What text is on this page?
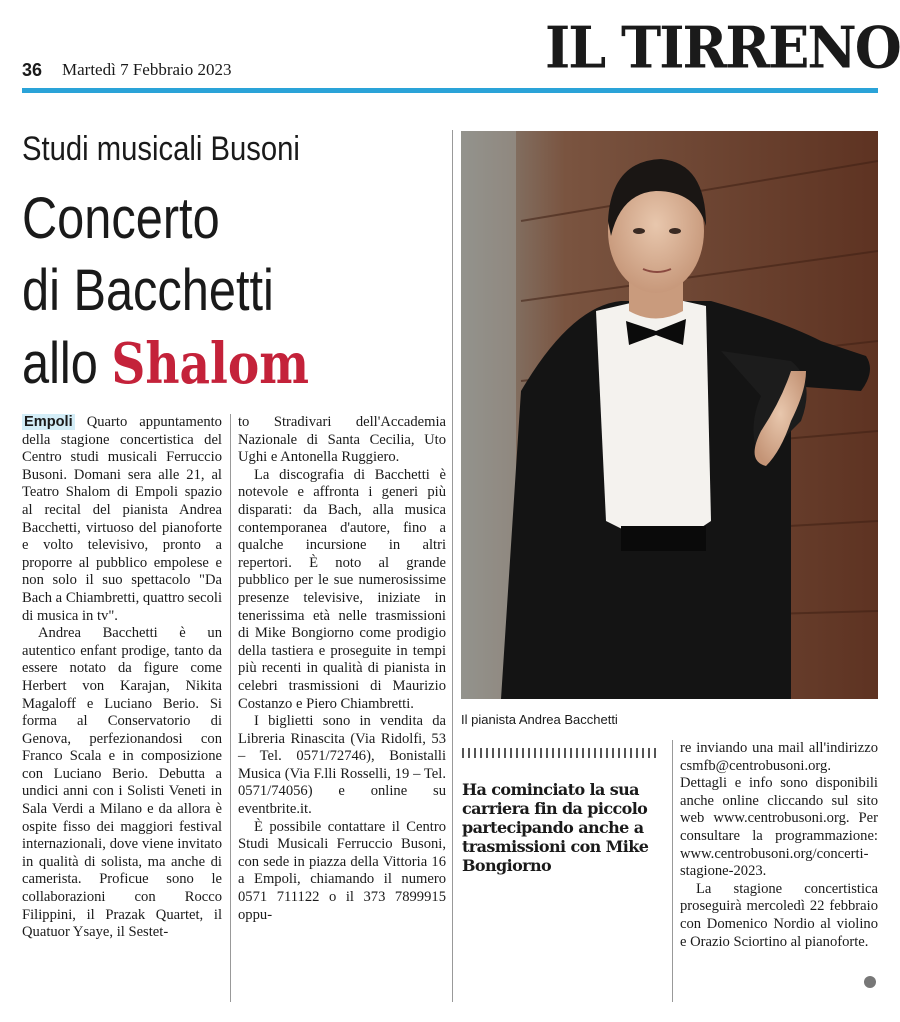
36 Martedì 7 Febbraio 2023	IL TIRRENO
Studi musicali Busoni
Concerto
di Bacchetti
allo Shalom

Empoli Quarto appuntamento della stagione concertistica del Centro studi musicali Ferruccio Busoni. Domani sera alle 21, al Teatro Shalom di Empoli spazio al recital del pianista Andrea Bacchetti, virtuoso del pianoforte e volto televisivo, pronto a proporre al pubblico empolese e non solo il suo spettacolo "Da Bach a Chiambretti, quattro secoli di musica in tv".

Andrea Bacchetti è un autentico enfant prodige, tanto da essere notato da figure come Herbert von Karajan, Nikita Magaloff e Luciano Berio. Si forma al Conservatorio di Genova, perfezionandosi con Franco Scala e in composizione con Luciano Berio. Debutta a undici anni con i Solisti Veneti in Sala Verdi a Milano e da allora è ospite fisso dei maggiori festival internazionali, dove viene invitato in qualità di solista, ma anche di camerista. Proficue sono le collaborazioni con Rocco Filippini, il Prazak Quartet, il Quatuor Ysaye, il Sestet-

to Stradivari dell'Accademia Nazionale di Santa Cecilia, Uto Ughi e Antonella Ruggiero.

La discografia di Bacchetti è notevole e affronta i generi più disparati: da Bach, alla musica contemporanea d'autore, fino a qualche incursione in altri repertori. È noto al grande pubblico per le sue numerosissime presenze televisive, iniziate in tenerissima età nelle trasmissioni di Mike Bongiorno come prodigio della tastiera e proseguite in tempi più recenti in qualità di pianista in celebri trasmissioni di Maurizio Costanzo e Piero Chiambretti.

I biglietti sono in vendita da Libreria Rinascita (Via Ridolfi, 53 – Tel. 0571/72746), Bonistalli Musica (Via F.lli Rosselli, 19 – Tel. 0571/74056) e online su eventbrite.it.

È possibile contattare il Centro Studi Musicali Ferruccio Busoni, con sede in piazza della Vittoria 16 a Empoli, chiamando il numero 0571 711122 o il 373 7899915 oppu-

Il pianista Andrea Bacchetti
Ha cominciato la sua carriera fin da piccolo partecipando anche a trasmissioni con Mike Bongiorno

re inviando una mail all'indirizzo csmfb@centrobusoni.org. Dettagli e info sono disponibili anche online cliccando sul sito web www.centrobusoni.org. Per consultare la programmazione: www.centrobusoni.org/concerti-stagione-2023.

La stagione concertistica proseguirà mercoledì 22 febbraio con Domenico Nordio al violino e Orazio Sciortino al pianoforte.
